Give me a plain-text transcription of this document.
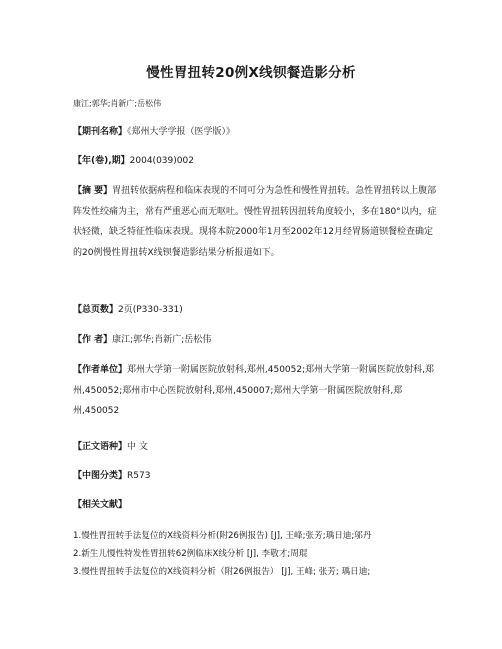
慢性胃扭转20例X线钡餐造影分析
康江;郭华;肖新广;岳松伟
【期刊名称】《郑州大学学报（医学版）》
【年(卷),期】2004(039)002
【摘 要】胃扭转依据病程和临床表现的不同可分为急性和慢性胃扭转。急性胃扭转以上腹部阵发性绞痛为主，常有严重恶心而无呕吐。慢性胃扭转因扭转角度较小，多在180°以内，症状轻微，缺乏特征性临床表现。现将本院2000年1月至2002年12月经胃肠道钡餐检查确定的20例慢性胃扭转X线钡餐造影结果分析报道如下。
【总页数】2页(P330-331)
【作 者】康江;郭华;肖新广;岳松伟
【作者单位】郑州大学第一附属医院放射科,郑州,450052;郑州大学第一附属医院放射科,郑州,450052;郑州市中心医院放射科,郑州,450007;郑州大学第一附属医院放射科,郑州,450052
【正文语种】中 文
【中图分类】R573
【相关文献】
1.慢性胃扭转手法复位的X线资料分析(附26例报告) [J], 王峰;张芳;瑀日迪;邬丹
2.新生儿慢性特发性胃扭转62例临床X线分析 [J], 李敬才;周琨
3.慢性胃扭转手法复位的X线资料分析（附26例报告） [J], 王峰; 张芳; 瑀日迪;
